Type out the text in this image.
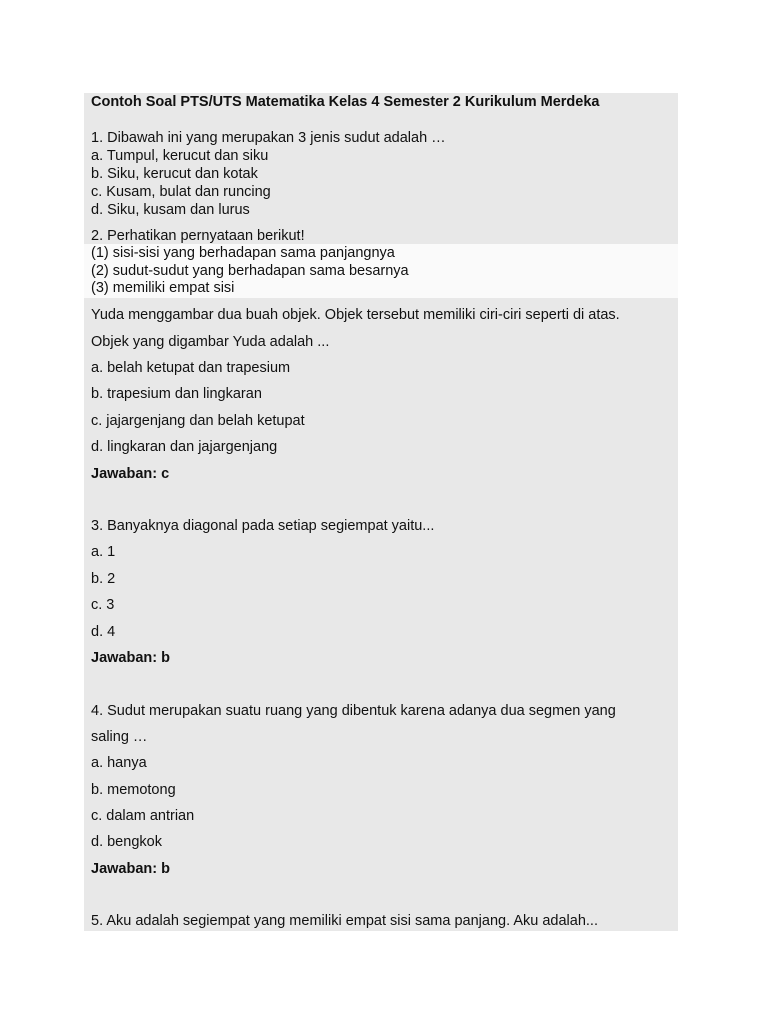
Contoh Soal PTS/UTS Matematika Kelas 4 Semester 2 Kurikulum Merdeka
1. Dibawah ini yang merupakan 3 jenis sudut adalah …
a. Tumpul, kerucut dan siku
b. Siku, kerucut dan kotak
c. Kusam, bulat dan runcing
d. Siku, kusam dan lurus
2. Perhatikan pernyataan berikut!
(1) sisi-sisi yang berhadapan sama panjangnya
(2) sudut-sudut yang berhadapan sama besarnya
(3) memiliki empat sisi
Yuda menggambar dua buah objek. Objek tersebut memiliki ciri-ciri seperti di atas.
Objek yang digambar Yuda adalah ...
a. belah ketupat dan trapesium
b. trapesium dan lingkaran
c. jajargenjang dan belah ketupat
d. lingkaran dan jajargenjang
Jawaban: c
3. Banyaknya diagonal pada setiap segiempat yaitu...
a. 1
b. 2
c. 3
d. 4
Jawaban: b
4. Sudut merupakan suatu ruang yang dibentuk karena adanya dua segmen yang
saling …
a. hanya
b. memotong
c. dalam antrian
d. bengkok
Jawaban: b
5. Aku adalah segiempat yang memiliki empat sisi sama panjang. Aku adalah...
